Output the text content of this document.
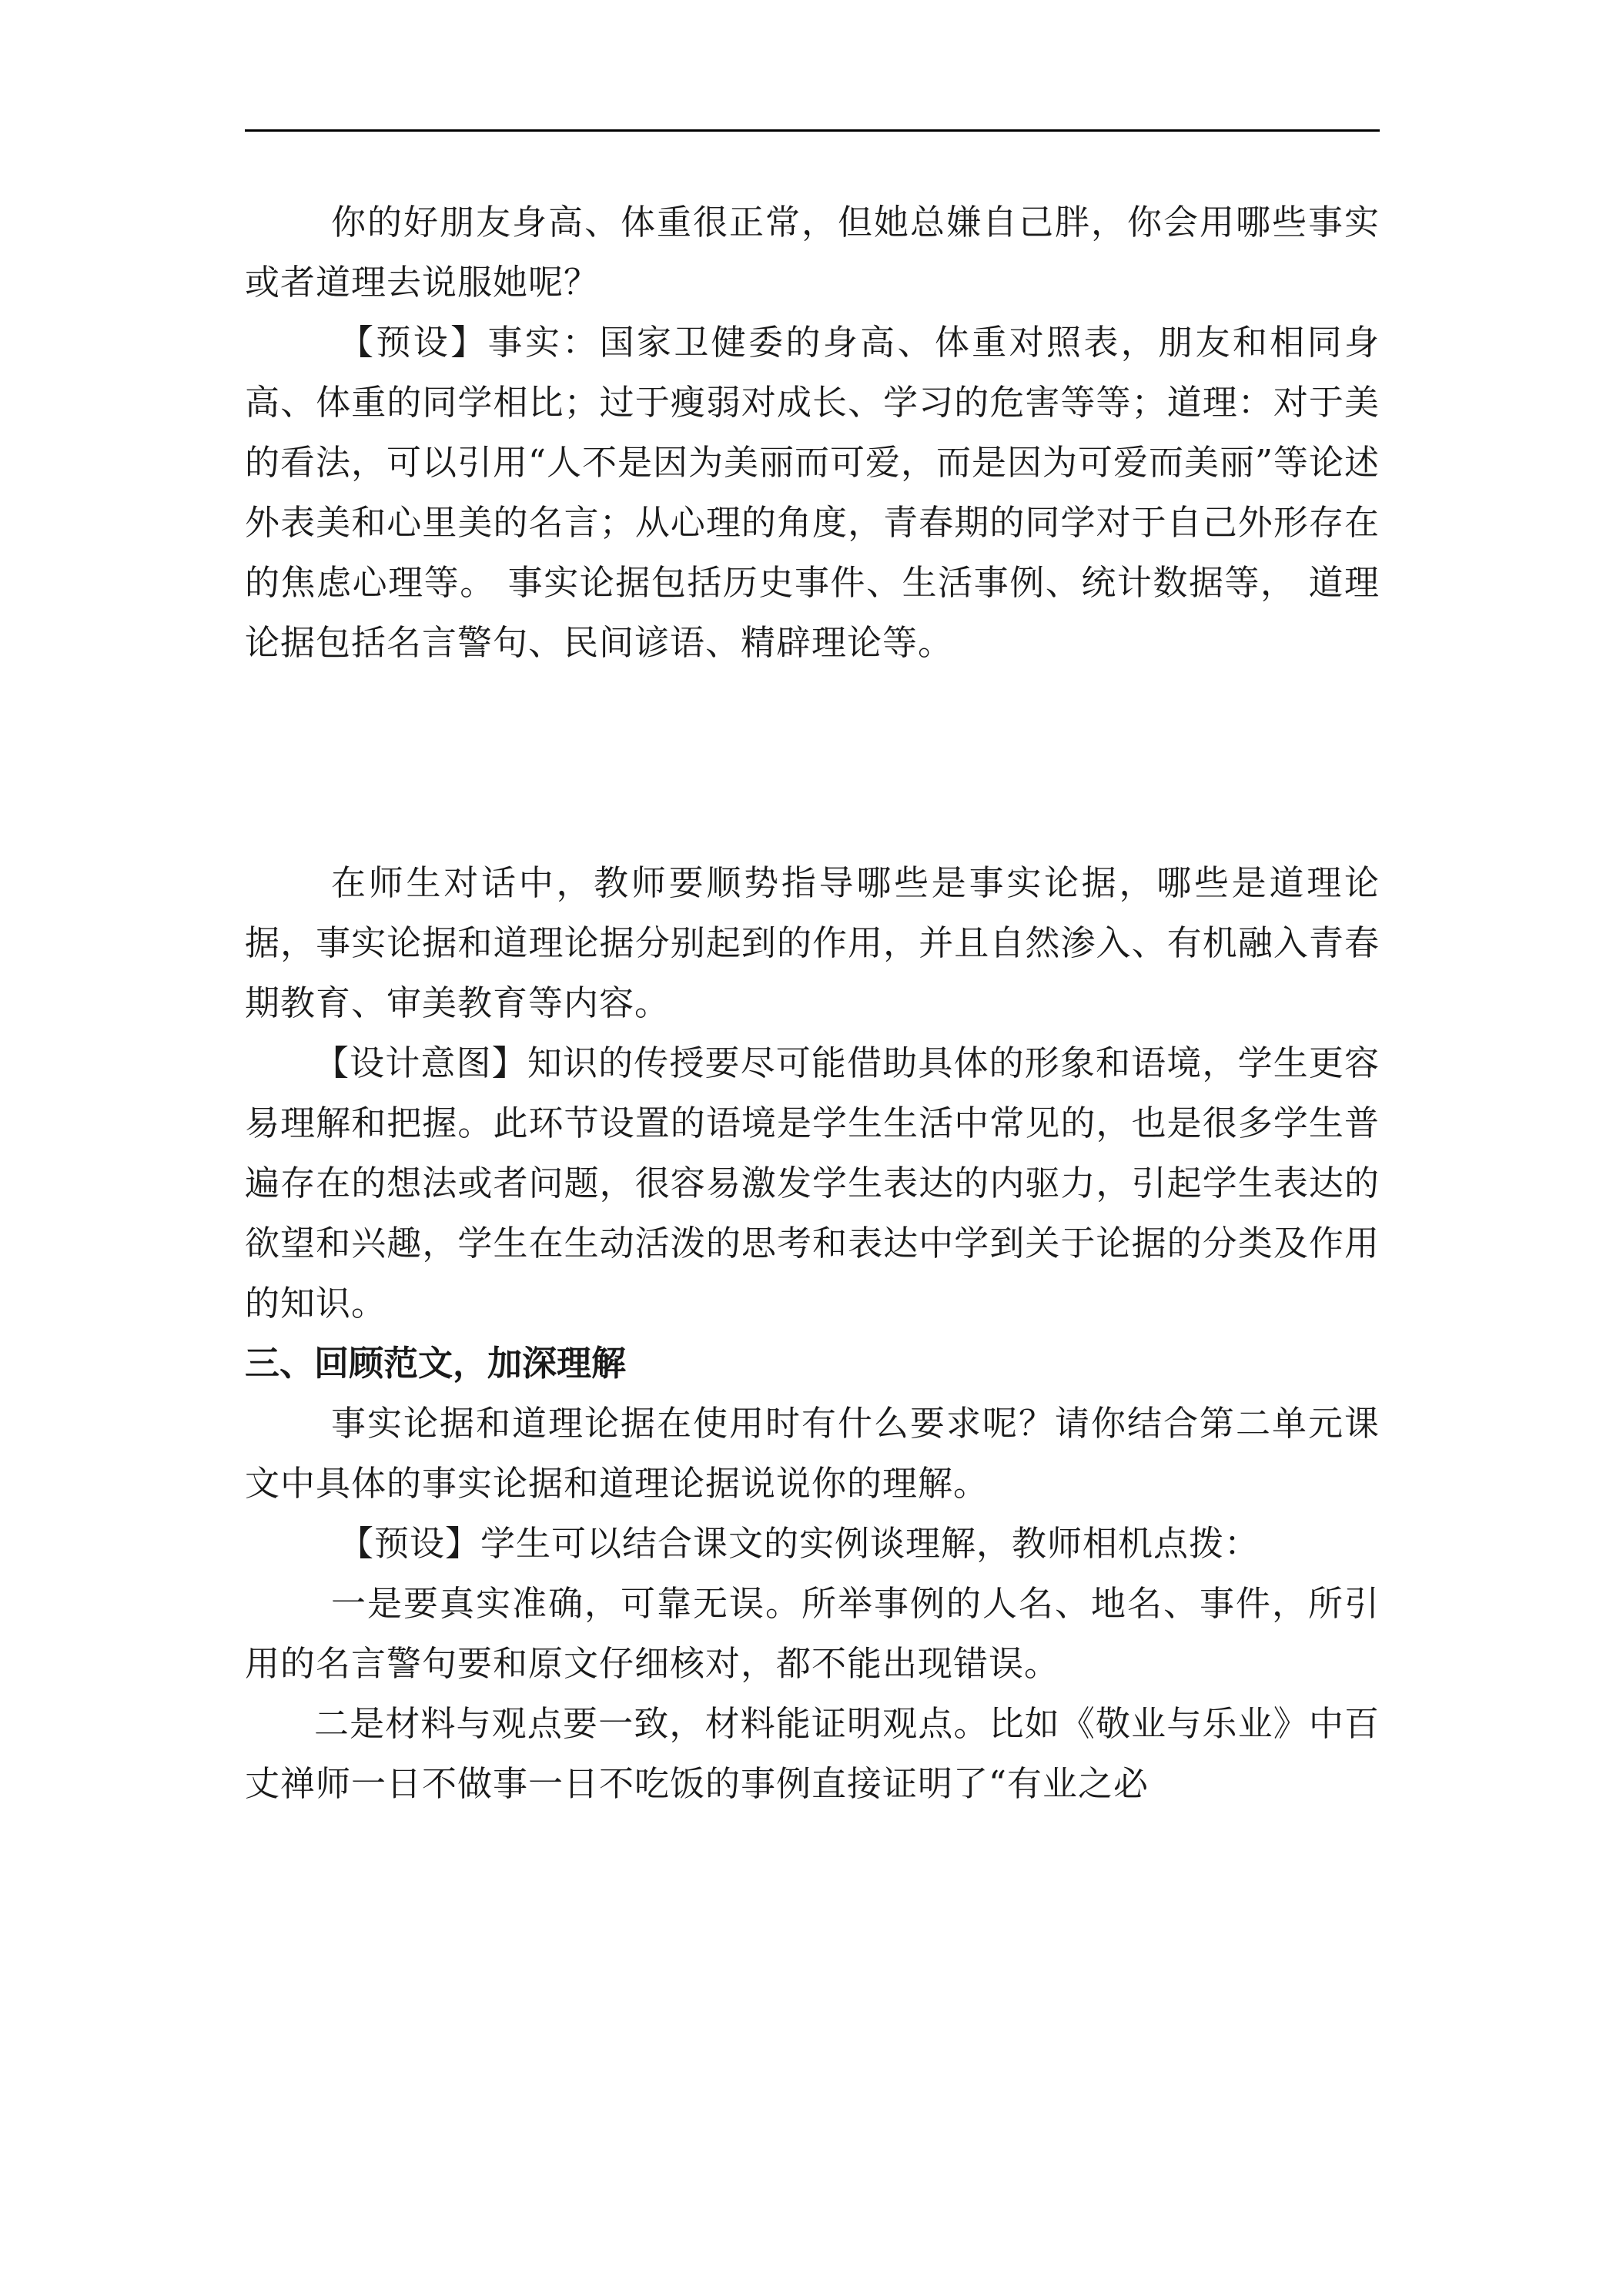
你的好朋友身高、体重很正常，但她总嫌自己胖，你会用哪些事实或者道理去说服她呢？

【预设】事实：国家卫健委的身高、体重对照表，朋友和相同身高、体重的同学相比；过于瘦弱对成长、学习的危害等等；道理：对于美的看法，可以引用“人不是因为美丽而可爱，而是因为可爱而美丽”等论述外表美和心里美的名言；从心理的角度，青春期的同学对于自己外形存在的焦虑心理等。 事实论据包括历史事件、生活事例、统计数据等， 道理论据包括名言警句、民间谚语、精辟理论等。

在师生对话中，教师要顺势指导哪些是事实论据，哪些是道理论据，事实论据和道理论据分别起到的作用，并且自然渗入、有机融入青春期教育、审美教育等内容。

【设计意图】知识的传授要尽可能借助具体的形象和语境，学生更容易理解和把握。此环节设置的语境是学生生活中常见的，也是很多学生普遍存在的想法或者问题，很容易激发学生表达的内驱力，引起学生表达的欲望和兴趣，学生在生动活泼的思考和表达中学到关于论据的分类及作用的知识。

三、回顾范文，加深理解

事实论据和道理论据在使用时有什么要求呢？请你结合第二单元课文中具体的事实论据和道理论据说说你的理解。

【预设】学生可以结合课文的实例谈理解，教师相机点拨：

一是要真实准确，可靠无误。所举事例的人名、地名、事件，所引用的名言警句要和原文仔细核对，都不能出现错误。

二是材料与观点要一致，材料能证明观点。比如《敬业与乐业》中百丈禅师一日不做事一日不吃饭的事例直接证明了“有业之必
